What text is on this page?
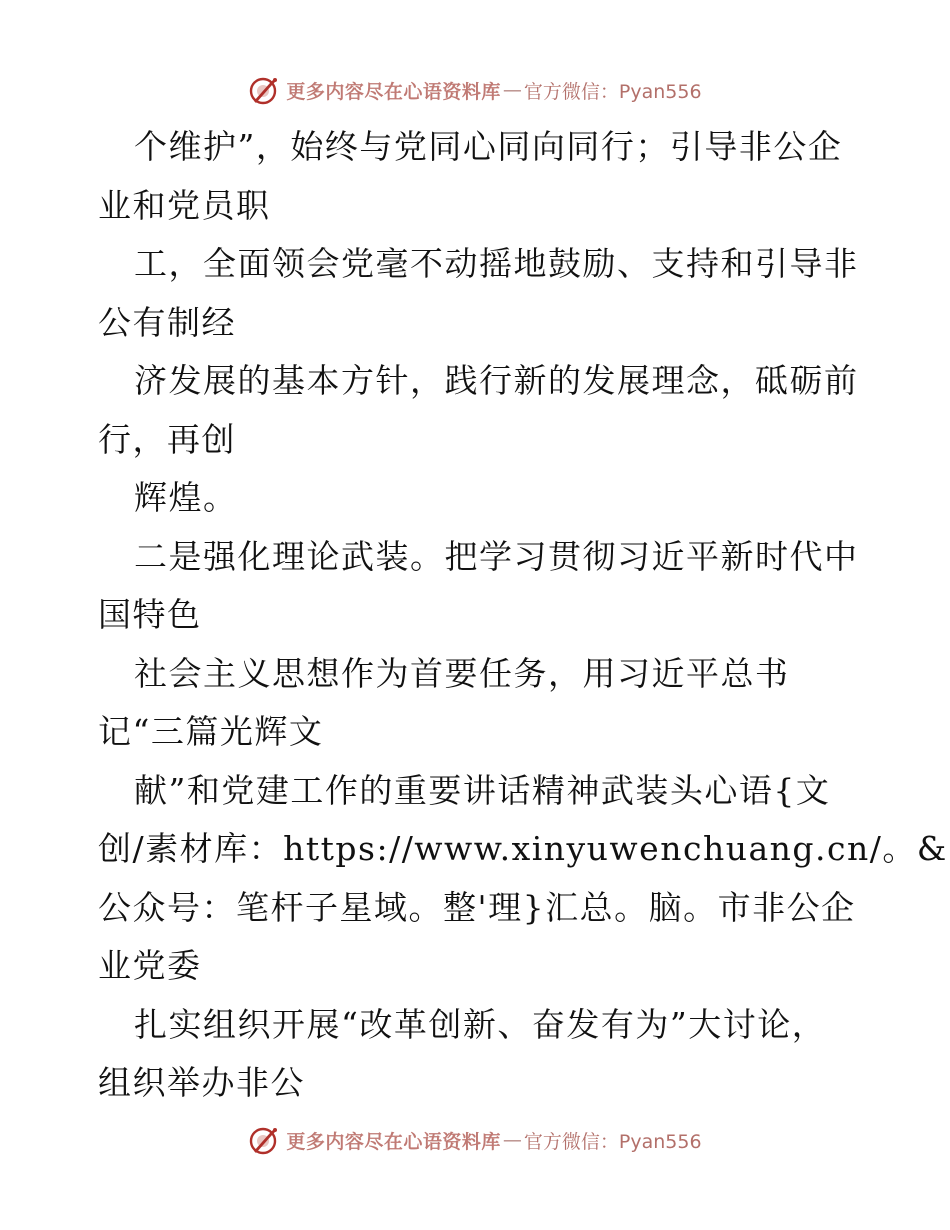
更多内容尽在心语资料库 — 官方微信：Pyan556
个维护”，始终与党同心同向同行；引导非公企
业和党员职
工，全面领会党毫不动摇地鼓励、支持和引导非
公有制经
济发展的基本方针，践行新的发展理念，砥砺前
行，再创
辉煌。
二是强化理论武装。把学习贯彻习近平新时代中
国特色
社会主义思想作为首要任务，用习近平总书
记“三篇光辉文
献”和党建工作的重要讲话精神武装头心语{文
创/素材库：https://www.xinyuwenchuang.cn/。&
公众号：笔杆子星域。整'理}汇总。脑。市非公企
业党委
扎实组织开展“改革创新、奋发有为”大讨论，
组织举办非公
更多内容尽在心语资料库 — 官方微信：Pyan556
